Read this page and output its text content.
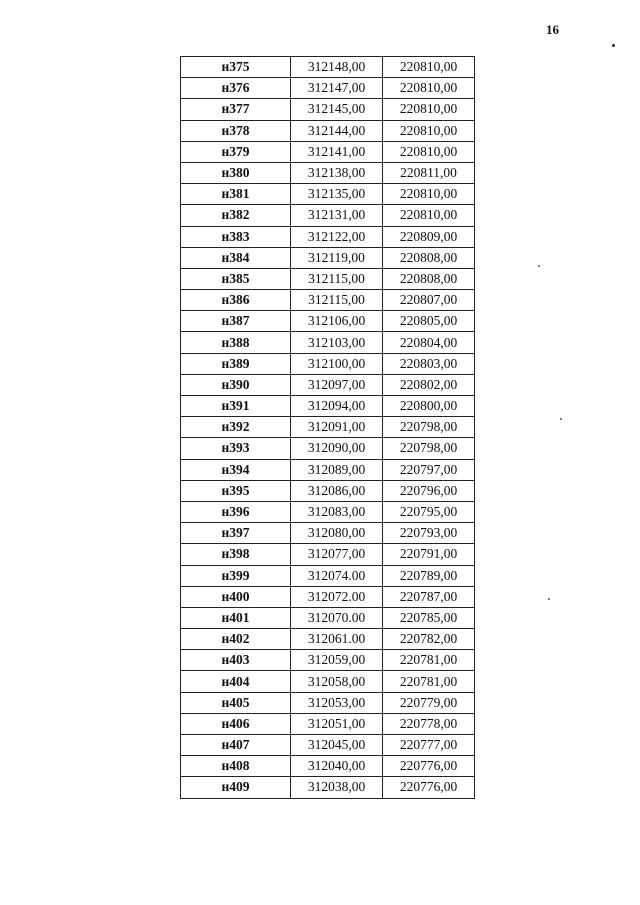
16
н375	312148,00	220810,00
н376	312147,00	220810,00
н377	312145,00	220810,00
н378	312144,00	220810,00
н379	312141,00	220810,00
н380	312138,00	220811,00
н381	312135,00	220810,00
н382	312131,00	220810,00
н383	312122,00	220809,00
н384	312119,00	220808,00
н385	312115,00	220808,00
н386	312115,00	220807,00
н387	312106,00	220805,00
н388	312103,00	220804,00
н389	312100,00	220803,00
н390	312097,00	220802,00
н391	312094,00	220800,00
н392	312091,00	220798,00
н393	312090,00	220798,00
н394	312089,00	220797,00
н395	312086,00	220796,00
н396	312083,00	220795,00
н397	312080,00	220793,00
н398	312077,00	220791,00
н399	312074.00	220789,00
н400	312072.00	220787,00
н401	312070.00	220785,00
н402	312061.00	220782,00
н403	312059,00	220781,00
н404	312058,00	220781,00
н405	312053,00	220779,00
н406	312051,00	220778,00
н407	312045,00	220777,00
н408	312040,00	220776,00
н409	312038,00	220776,00
